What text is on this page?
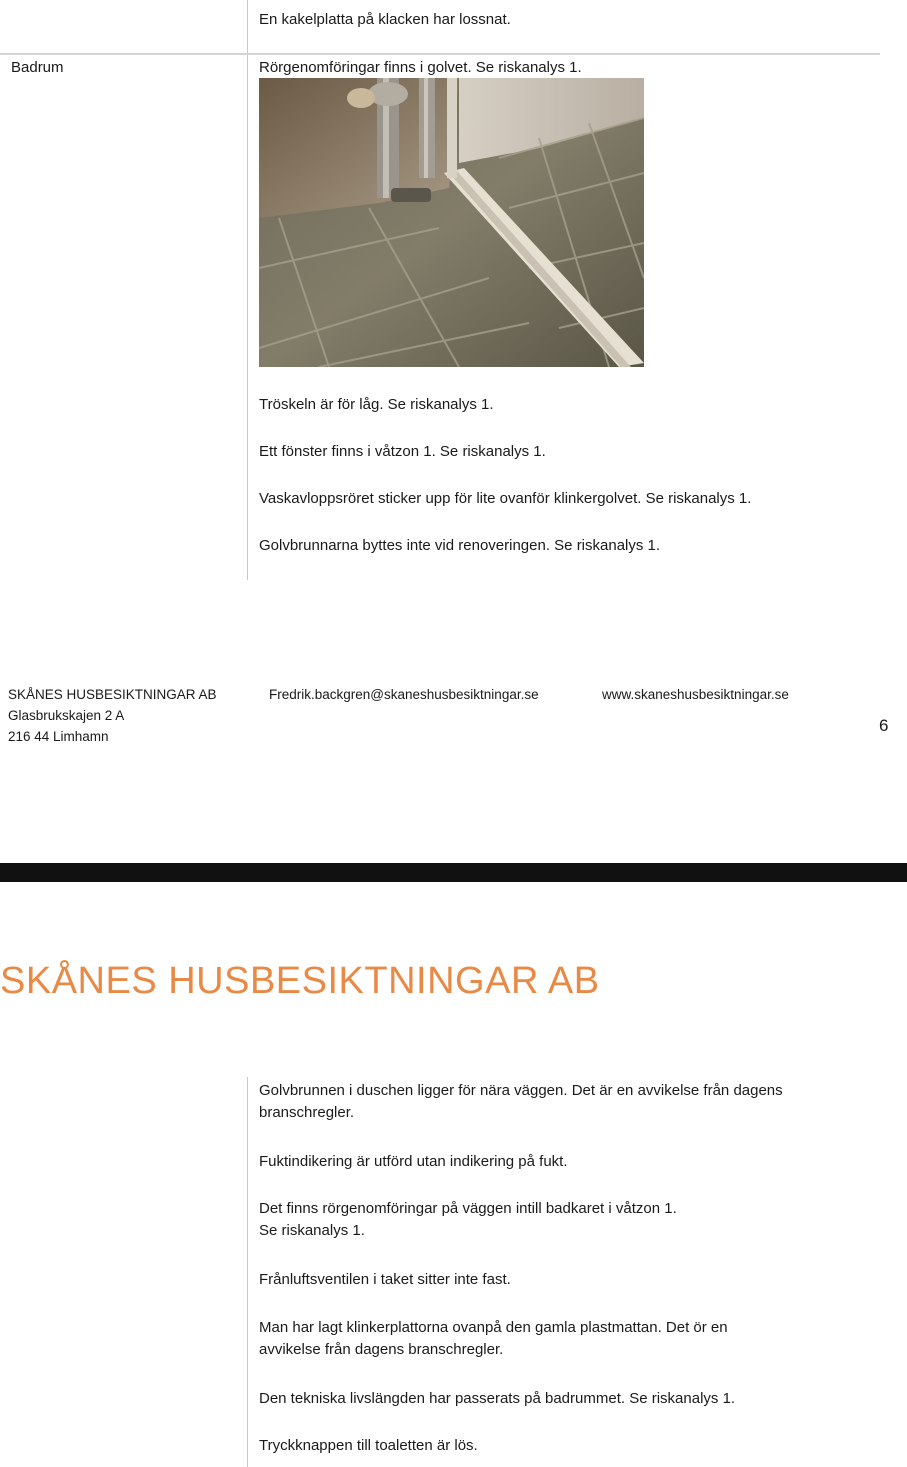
En kakelplatta på klacken har lossnat.
Badrum	Rörgenomföringar finns i golvet. Se riskanalys 1.
Tröskeln är för låg. Se riskanalys 1.
Ett fönster finns i våtzon 1. Se riskanalys 1.
Vaskavloppsröret sticker upp för lite ovanför klinkergolvet. Se riskanalys 1.
Golvbrunnarna byttes inte vid renoveringen. Se riskanalys 1.
SKÅNES HUSBESIKTNINGAR AB
Glasbrukskajen 2 A
216 44 Limhamn
Fredrik.backgren@skaneshusbesiktningar.se	www.skaneshusbesiktningar.se
6
SKÅNES HUSBESIKTNINGAR AB
Golvbrunnen i duschen ligger för nära väggen. Det är en avvikelse från dagens
branschregler.
Fuktindikering är utförd utan indikering på fukt.
Det finns rörgenomföringar på väggen intill badkaret i våtzon 1.
Se riskanalys 1.
Frånluftsventilen i taket sitter inte fast.
Man har lagt klinkerplattorna ovanpå den gamla plastmattan. Det ör en
avvikelse från dagens branschregler.
Den tekniska livslängden har passerats på badrummet. Se riskanalys 1.
Tryckknappen till toaletten är lös.
